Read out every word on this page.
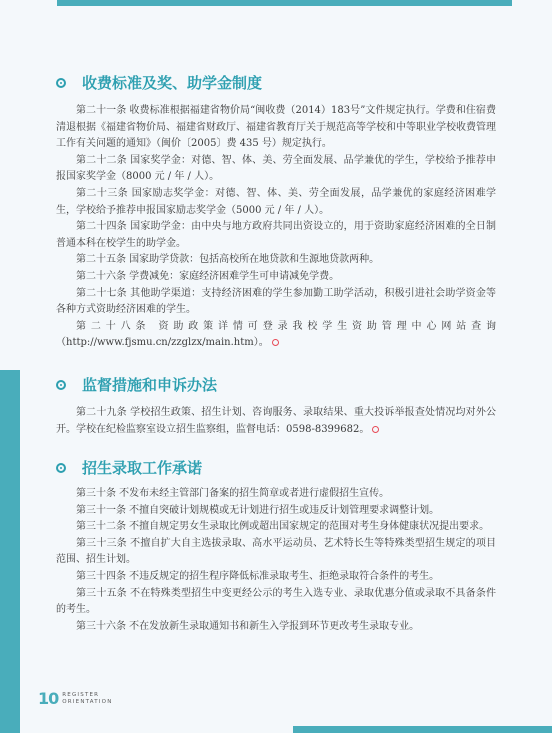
收费标准及奖、助学金制度

第二十一条 收费标准根据福建省物价局“闽收费（2014）183号”文件规定执行。学费和住宿费清退根据《福建省物价局、福建省财政厅、福建省教育厅关于规范高等学校和中等职业学校收费管理工作有关问题的通知》（闽价〔2005〕费 435 号）规定执行。

第二十二条 国家奖学金：对德、智、体、美、劳全面发展、品学兼优的学生，学校给予推荐申报国家奖学金（8000 元 / 年 / 人）。

第二十三条 国家励志奖学金：对德、智、体、美、劳全面发展，品学兼优的家庭经济困难学生，学校给予推荐申报国家励志奖学金（5000 元 / 年 / 人）。

第二十四条 国家助学金：由中央与地方政府共同出资设立的，用于资助家庭经济困难的全日制普通本科在校学生的助学金。

第二十五条 国家助学贷款：包括高校所在地贷款和生源地贷款两种。

第二十六条 学费减免：家庭经济困难学生可申请减免学费。

第二十七条 其他助学渠道：支持经济困难的学生参加勤工助学活动，积极引进社会助学资金等各种方式资助经济困难的学生。

第二十八条 资助政策详情可登录我校学生资助管理中心网站查询（http://www.fjsmu.cn/zzglzx/main.htm）。

监督措施和申诉办法

第二十九条 学校招生政策、招生计划、咨询服务、录取结果、重大投诉举报查处情况均对外公开。学校在纪检监察室设立招生监察组，监督电话：0598-8399682。

招生录取工作承诺

第三十条 不发布未经主管部门备案的招生简章或者进行虚假招生宣传。

第三十一条 不擅自突破计划规模或无计划进行招生或违反计划管理要求调整计划。

第三十二条 不擅自规定男女生录取比例或超出国家规定的范围对考生身体健康状况提出要求。

第三十三条 不擅自扩大自主选拔录取、高水平运动员、艺术特长生等特殊类型招生规定的项目范围、招生计划。

第三十四条 不违反规定的招生程序降低标准录取考生、拒绝录取符合条件的考生。

第三十五条 不在特殊类型招生中变更经公示的考生入选专业、录取优惠分值或录取不具备条件的考生。

第三十六条 不在发放新生录取通知书和新生入学报到环节更改考生录取专业。

10 REGISTER
ORIENTATION
